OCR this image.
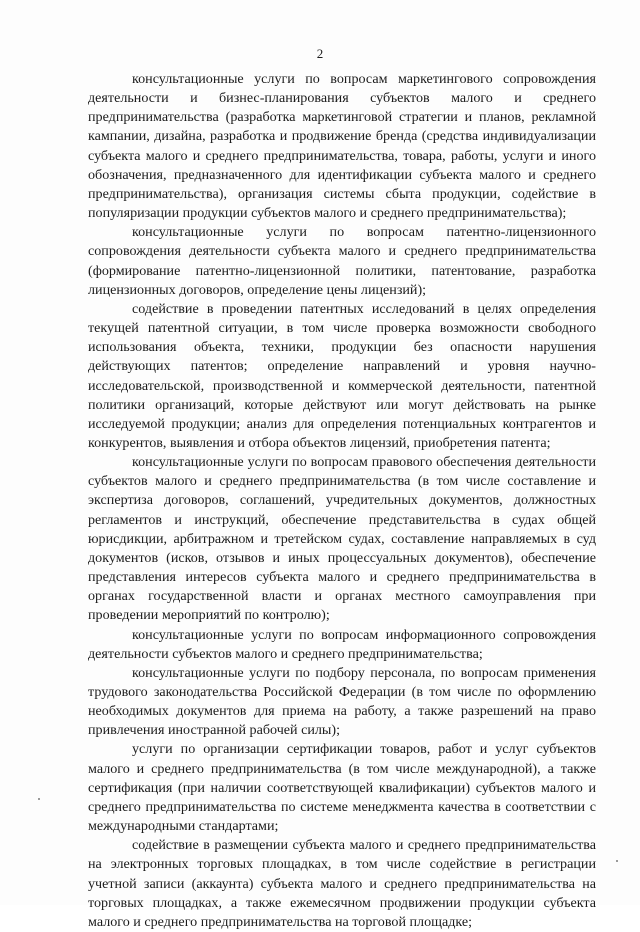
2

консультационные услуги по вопросам маркетингового сопровождения деятельности и бизнес-планирования субъектов малого и среднего предпринимательства (разработка маркетинговой стратегии и планов, рекламной кампании, дизайна, разработка и продвижение бренда (средства индивидуализации субъекта малого и среднего предпринимательства, товара, работы, услуги и иного обозначения, предназначенного для идентификации субъекта малого и среднего предпринимательства), организация системы сбыта продукции, содействие в популяризации продукции субъектов малого и среднего предпринимательства);

консультационные услуги по вопросам патентно-лицензионного сопровождения деятельности субъекта малого и среднего предпринимательства (формирование патентно-лицензионной политики, патентование, разработка лицензионных договоров, определение цены лицензий);

содействие в проведении патентных исследований в целях определения текущей патентной ситуации, в том числе проверка возможности свободного использования объекта, техники, продукции без опасности нарушения действующих патентов; определение направлений и уровня научно-исследовательской, производственной и коммерческой деятельности, патентной политики организаций, которые действуют или могут действовать на рынке исследуемой продукции; анализ для определения потенциальных контрагентов и конкурентов, выявления и отбора объектов лицензий, приобретения патента;

консультационные услуги по вопросам правового обеспечения деятельности субъектов малого и среднего предпринимательства (в том числе составление и экспертиза договоров, соглашений, учредительных документов, должностных регламентов и инструкций, обеспечение представительства в судах общей юрисдикции, арбитражном и третейском судах, составление направляемых в суд документов (исков, отзывов и иных процессуальных документов), обеспечение представления интересов субъекта малого и среднего предпринимательства в органах государственной власти и органах местного самоуправления при проведении мероприятий по контролю);

консультационные услуги по вопросам информационного сопровождения деятельности субъектов малого и среднего предпринимательства;

консультационные услуги по подбору персонала, по вопросам применения трудового законодательства Российской Федерации (в том числе по оформлению необходимых документов для приема на работу, а также разрешений на право привлечения иностранной рабочей силы);

услуги по организации сертификации товаров, работ и услуг субъектов малого и среднего предпринимательства (в том числе международной), а также сертификация (при наличии соответствующей квалификации) субъектов малого и среднего предпринимательства по системе менеджмента качества в соответствии с международными стандартами;

содействие в размещении субъекта малого и среднего предпринимательства на электронных торговых площадках, в том числе содействие в регистрации учетной записи (аккаунта) субъекта малого и среднего предпринимательства на торговых площадках, а также ежемесячном продвижении продукции субъекта малого и среднего предпринимательства на торговой площадке;
